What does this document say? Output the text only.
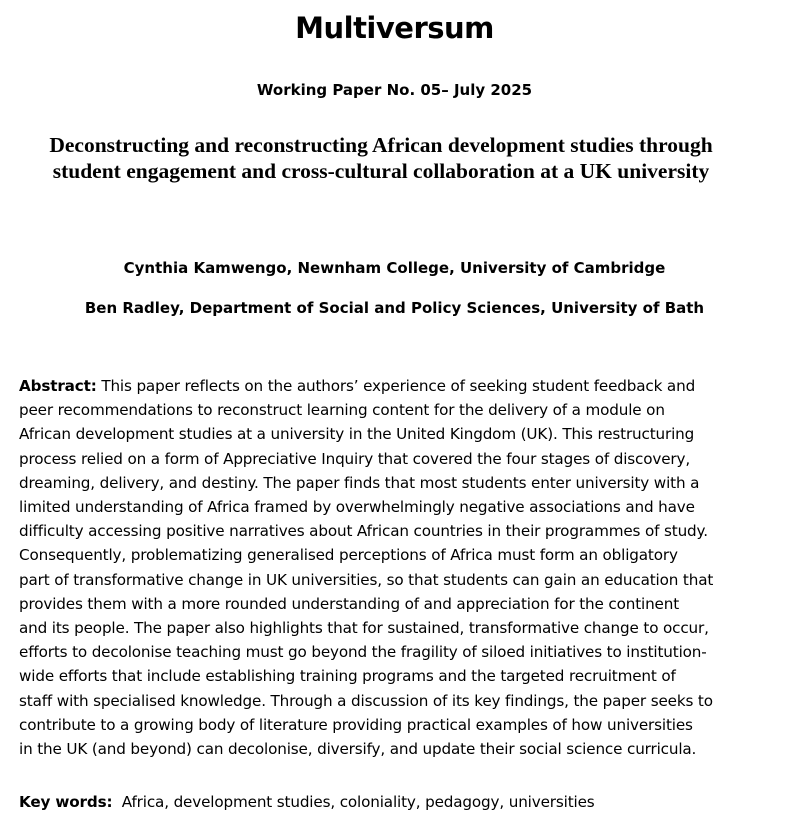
Multiversum
Working Paper No. 05– July 2025
Deconstructing and reconstructing African development studies through
student engagement and cross-cultural collaboration at a UK university
Cynthia Kamwengo, Newnham College, University of Cambridge
Ben Radley, Department of Social and Policy Sciences, University of Bath

Abstract: This paper reflects on the authors’ experience of seeking student feedback and
peer recommendations to reconstruct learning content for the delivery of a module on
African development studies at a university in the United Kingdom (UK). This restructuring
process relied on a form of Appreciative Inquiry that covered the four stages of discovery,
dreaming, delivery, and destiny. The paper finds that most students enter university with a
limited understanding of Africa framed by overwhelmingly negative associations and have
difficulty accessing positive narratives about African countries in their programmes of study.
Consequently, problematizing generalised perceptions of Africa must form an obligatory
part of transformative change in UK universities, so that students can gain an education that
provides them with a more rounded understanding of and appreciation for the continent
and its people. The paper also highlights that for sustained, transformative change to occur,
efforts to decolonise teaching must go beyond the fragility of siloed initiatives to institution-
wide efforts that include establishing training programs and the targeted recruitment of
staff with specialised knowledge. Through a discussion of its key findings, the paper seeks to
contribute to a growing body of literature providing practical examples of how universities
in the UK (and beyond) can decolonise, diversify, and update their social science curricula.

Key words:  Africa, development studies, coloniality, pedagogy, universities
